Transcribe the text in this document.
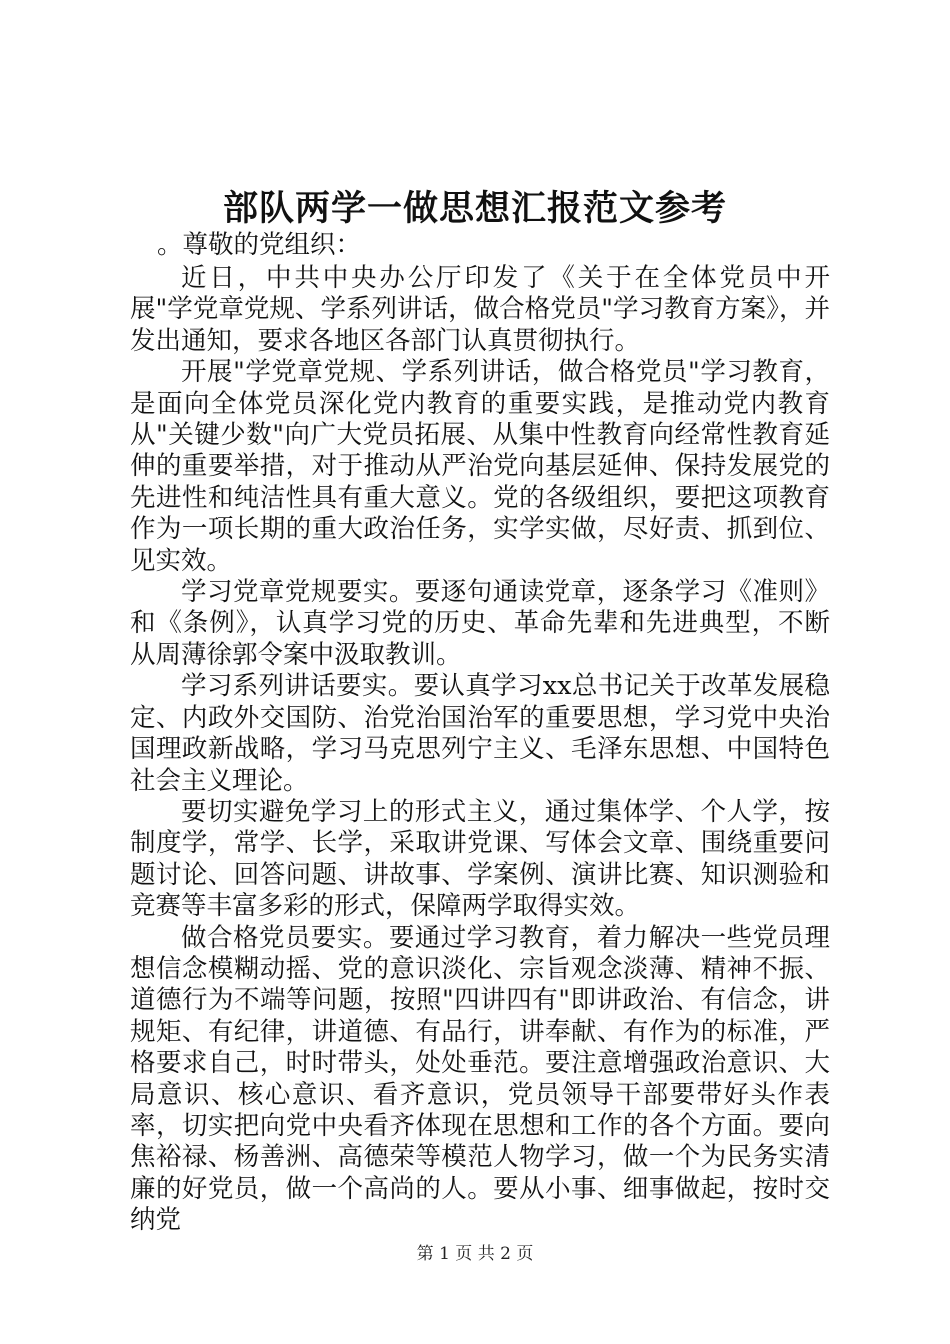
部队两学一做思想汇报范文参考
。尊敬的党组织：

近日，中共中央办公厅印发了《关于在全体党员中开展"学党章党规、学系列讲话，做合格党员"学习教育方案》，并发出通知，要求各地区各部门认真贯彻执行。

开展"学党章党规、学系列讲话，做合格党员"学习教育，是面向全体党员深化党内教育的重要实践，是推动党内教育从"关键少数"向广大党员拓展、从集中性教育向经常性教育延伸的重要举措，对于推动从严治党向基层延伸、保持发展党的先进性和纯洁性具有重大意义。党的各级组织，要把这项教育作为一项长期的重大政治任务，实学实做，尽好责、抓到位、见实效。

学习党章党规要实。要逐句通读党章，逐条学习《准则》和《条例》，认真学习党的历史、革命先辈和先进典型，不断从周薄徐郭令案中汲取教训。

学习系列讲话要实。要认真学习xx总书记关于改革发展稳定、内政外交国防、治党治国治军的重要思想，学习党中央治国理政新战略，学习马克思列宁主义、毛泽东思想、中国特色社会主义理论。

要切实避免学习上的形式主义，通过集体学、个人学，按制度学，常学、长学，采取讲党课、写体会文章、围绕重要问题讨论、回答问题、讲故事、学案例、演讲比赛、知识测验和竞赛等丰富多彩的形式，保障两学取得实效。

做合格党员要实。要通过学习教育，着力解决一些党员理想信念模糊动摇、党的意识淡化、宗旨观念淡薄、精神不振、道德行为不端等问题，按照"四讲四有"即讲政治、有信念，讲规矩、有纪律，讲道德、有品行，讲奉献、有作为的标准，严格要求自己，时时带头，处处垂范。要注意增强政治意识、大局意识、核心意识、看齐意识，党员领导干部要带好头作表率，切实把向党中央看齐体现在思想和工作的各个方面。要向焦裕禄、杨善洲、高德荣等模范人物学习，做一个为民务实清廉的好党员，做一个高尚的人。要从小事、细事做起，按时交纳党

第 1 页 共 2 页
